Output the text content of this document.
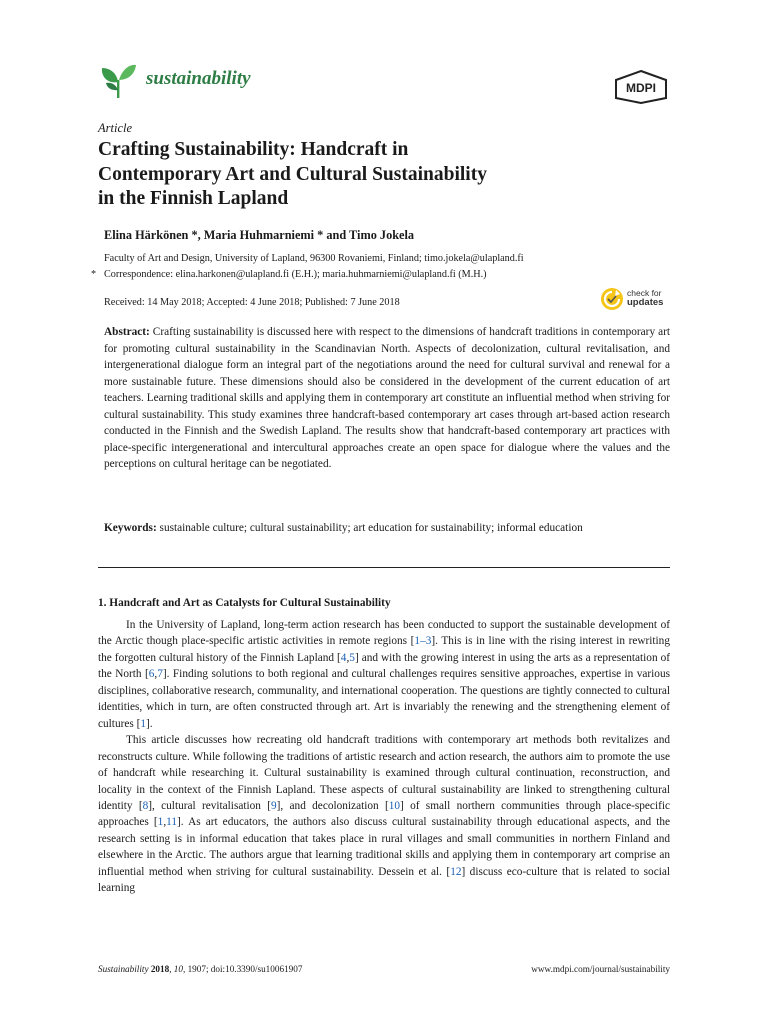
sustainability	MDPI
Article
Crafting Sustainability: Handcraft in
Contemporary Art and Cultural Sustainability
in the Finnish Lapland
Elina Härkönen *, Maria Huhmarniemi * and Timo Jokela
Faculty of Art and Design, University of Lapland, 96300 Rovaniemi, Finland; timo.jokela@ulapland.fi
* Correspondence: elina.harkonen@ulapland.fi (E.H.); maria.huhmarniemi@ulapland.fi (M.H.)
Received: 14 May 2018; Accepted: 4 June 2018; Published: 7 June 2018
check for
updates

Abstract: Crafting sustainability is discussed here with respect to the dimensions of handcraft traditions in contemporary art for promoting cultural sustainability in the Scandinavian North. Aspects of decolonization, cultural revitalisation, and intergenerational dialogue form an integral part of the negotiations around the need for cultural survival and renewal for a more sustainable future. These dimensions should also be considered in the development of the current education of art teachers. Learning traditional skills and applying them in contemporary art constitute an influential method when striving for cultural sustainability. This study examines three handcraft-based contemporary art cases through art-based action research conducted in the Finnish and the Swedish Lapland. The results show that handcraft-based contemporary art practices with place-specific intergenerational and intercultural approaches create an open space for dialogue where the values and the perceptions on cultural heritage can be negotiated.

Keywords: sustainable culture; cultural sustainability; art education for sustainability; informal education

1. Handcraft and Art as Catalysts for Cultural Sustainability

In the University of Lapland, long-term action research has been conducted to support the sustainable development of the Arctic though place-specific artistic activities in remote regions [1–3]. This is in line with the rising interest in rewriting the forgotten cultural history of the Finnish Lapland [4,5] and with the growing interest in using the arts as a representation of the North [6,7]. Finding solutions to both regional and cultural challenges requires sensitive approaches, expertise in various disciplines, collaborative research, communality, and international cooperation. The questions are tightly connected to cultural identities, which in turn, are often constructed through art. Art is invariably the renewing and the strengthening element of cultures [1].

This article discusses how recreating old handcraft traditions with contemporary art methods both revitalizes and reconstructs culture. While following the traditions of artistic research and action research, the authors aim to promote the use of handcraft while researching it. Cultural sustainability is examined through cultural continuation, reconstruction, and locality in the context of the Finnish Lapland. These aspects of cultural sustainability are linked to strengthening cultural identity [8], cultural revitalisation [9], and decolonization [10] of small northern communities through place-specific approaches [1,11]. As art educators, the authors also discuss cultural sustainability through educational aspects, and the research setting is in informal education that takes place in rural villages and small communities in northern Finland and elsewhere in the Arctic. The authors argue that learning traditional skills and applying them in contemporary art comprise an influential method when striving for cultural sustainability. Dessein et al. [12] discuss eco-culture that is related to social learning

Sustainability 2018, 10, 1907; doi:10.3390/su10061907	www.mdpi.com/journal/sustainability
